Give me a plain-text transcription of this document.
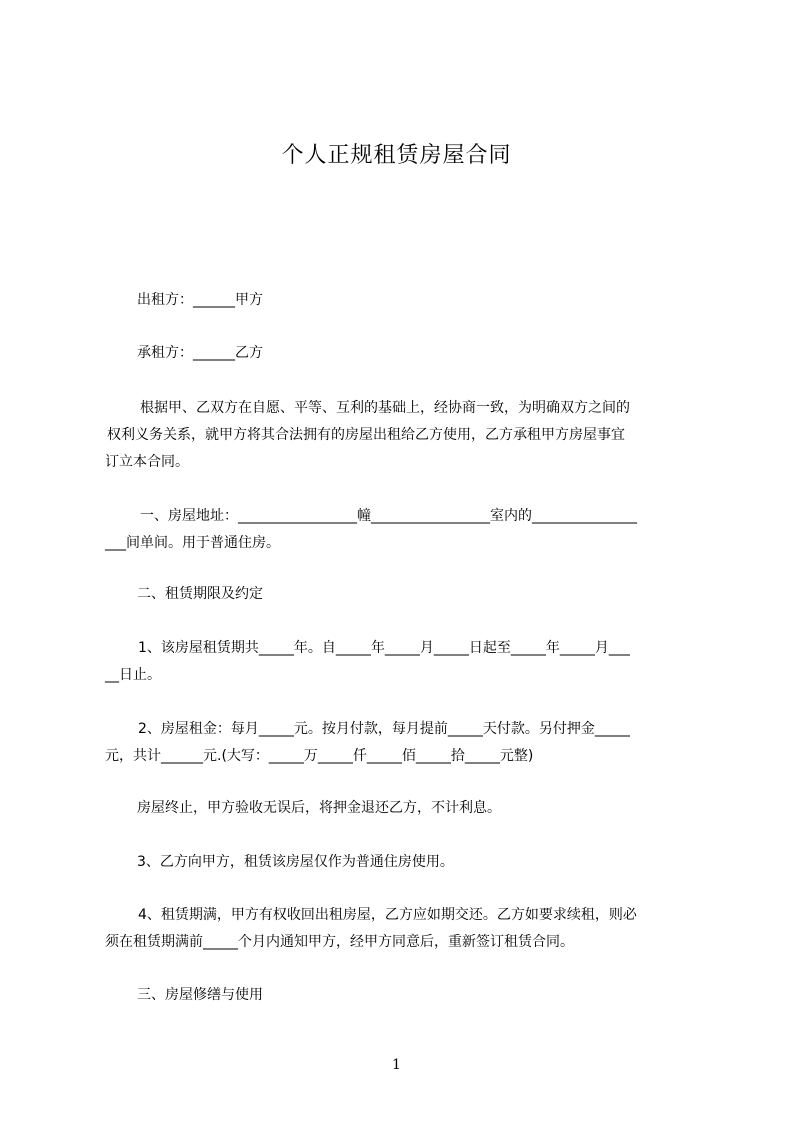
个人正规租赁房屋合同
出租方：______甲方
承租方：______乙方
根据甲、乙双方在自愿、平等、互利的基础上，经协商一致，为明确双方之间的
权利义务关系，就甲方将其合法拥有的房屋出租给乙方使用，乙方承租甲方房屋事宜
订立本合同。
一、房屋地址：_________________幢_________________室内的_______________
___间单间。用于普通住房。
二、租赁期限及约定
1、该房屋租赁期共_____年。自_____年_____月_____日起至_____年_____月___
__日止。
2、房屋租金：每月_____元。按月付款，每月提前_____天付款。另付押金_____
元，共计______元.(大写：_____万_____仟_____佰_____拾_____元整)
房屋终止，甲方验收无误后，将押金退还乙方，不计利息。
3、乙方向甲方，租赁该房屋仅作为普通住房使用。
4、租赁期满，甲方有权收回出租房屋，乙方应如期交还。乙方如要求续租，则必
须在租赁期满前_____个月内通知甲方，经甲方同意后，重新签订租赁合同。
三、房屋修缮与使用
1
